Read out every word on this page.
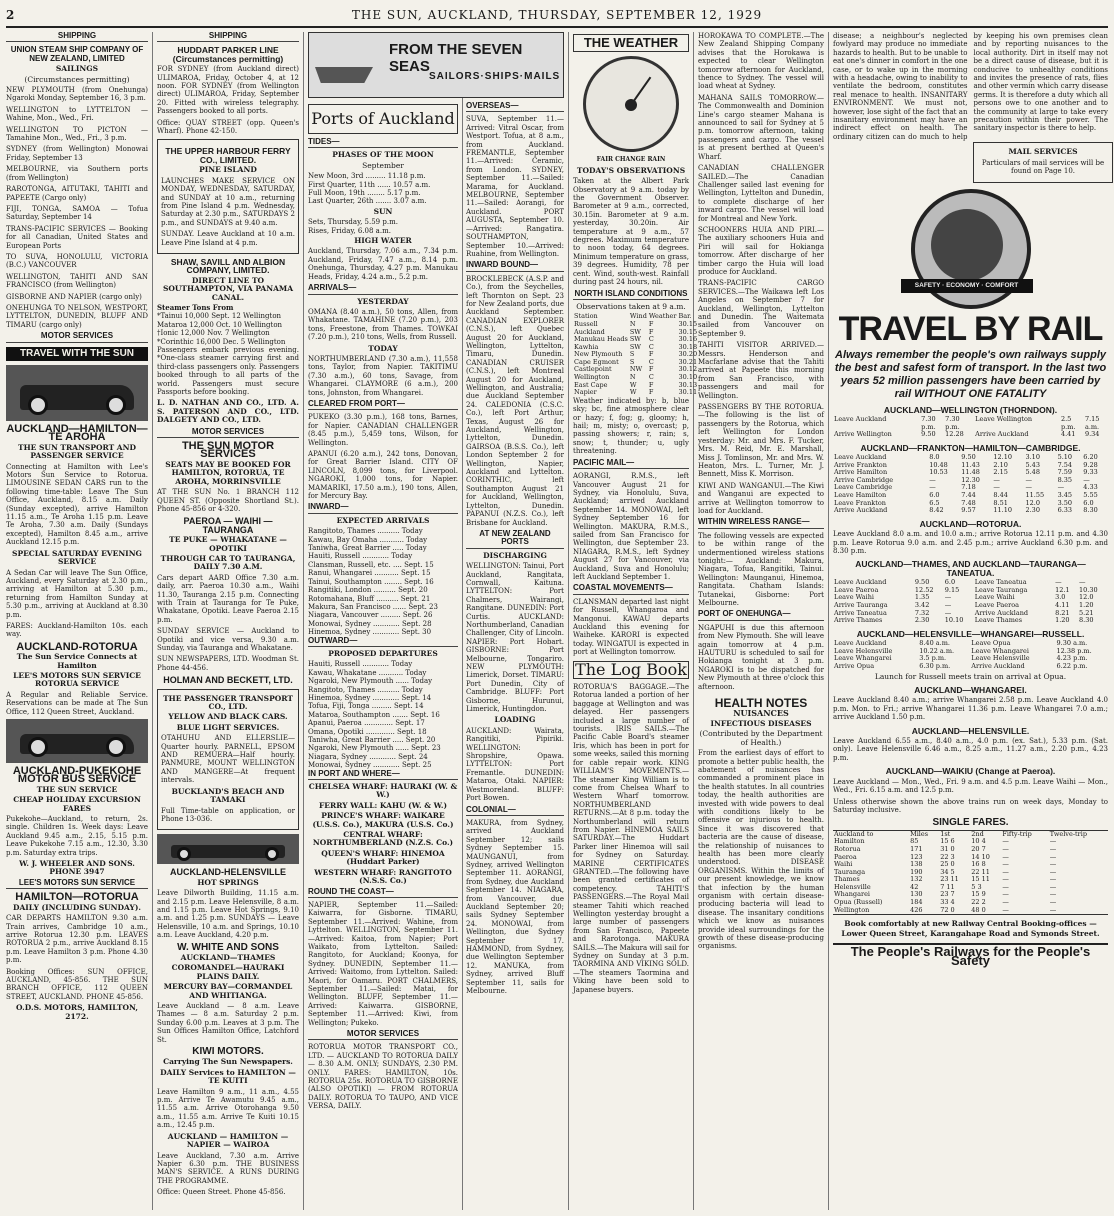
2	THE SUN, AUCKLAND, THURSDAY, SEPTEMBER 12, 1929
SHIPPING
UNION STEAM SHIP COMPANY OF NEW ZEALAND, LIMITED
SAILINGS
(Circumstances permitting)

NEW PLYMOUTH (from Onehunga) Ngaroki Monday, September 16, 3 p.m.

WELLINGTON to LYTTELTON — Wahine, Mon., Wed., Fri.

WELLINGTON TO PICTON — Tamahine Mon., Wed., Fri., 3 p.m.

SYDNEY (from Wellington) Monowai Friday, September 13

MELBOURNE, via Southern ports (from Wellington)

RAROTONGA, AITUTAKI, TAHITI and PAPEETE (Cargo only)

FIJI, TONGA, SAMOA — Tofua Saturday, September 14

TRANS-PACIFIC SERVICES — Booking for all Canadian, United States and European Ports

TO SUVA, HONOLULU, VICTORIA (B.C.) VANCOUVER

WELLINGTON, TAHITI AND SAN FRANCISCO (from Wellington)

GISBORNE AND NAPIER (cargo only)

ONEHUNGA TO NELSON, WESTPORT, LYTTELTON, DUNEDIN, BLUFF AND TIMARU (cargo only)

MOTOR SERVICES
TRAVEL WITH THE SUN
AUCKLAND—HAMILTON—TE AROHA
THE SUN TRANSPORT AND PASSENGER SERVICE

Connecting at Hamilton with Lee's Motors Sun Service to Rotorua. LIMOUSINE SEDAN CARS run to the following time-table: Leave The Sun Office, Auckland, 8.15 a.m. Daily (Sunday excepted), arrive Hamilton 11.15 a.m., Te Aroha 1.15 p.m. Leave Te Aroha, 7.30 a.m. Daily (Sundays excepted), Hamilton 8.45 a.m., arrive Auckland 12.15 p.m.

SPECIAL SATURDAY EVENING SERVICE

A Sedan Car will leave The Sun Office, Auckland, every Saturday at 2.30 p.m., arriving at Hamilton at 5.30 p.m., returning from Hamilton Sunday at 5.30 p.m., arriving at Auckland at 8.30 p.m.

FARES: Auckland-Hamilton 10s. each way.

AUCKLAND-ROTORUA
The Sun Service Connects at Hamilton
LEE'S MOTORS SUN SERVICE ROTORUA SERVICE

A Regular and Reliable Service. Reservations can be made at The Sun Office, 112 Queen Street, Auckland.

AUCKLAND-PUKEKOHE MOTOR BUS SERVICE
THE SUN SERVICE
CHEAP HOLIDAY EXCURSION FARES

Pukekohe—Auckland, to return, 2s. single. Children 1s. Week days: Leave Auckland 9.45 a.m., 2.15, 5.15 p.m. Leave Pukekohe 7.15 a.m., 12.30, 3.30 p.m. Saturday extra trips.

W. J. WHEELER AND SONS. PHONE 3947
LEE'S MOTORS SUN SERVICE
HAMILTON—ROTORUA
DAILY (INCLUDING SUNDAY).

CAR DEPARTS HAMILTON 9.30 a.m. Train arrives, Cambridge 10 a.m., arrive Rotorua 12.30 p.m. LEAVES ROTORUA 2 p.m., arrive Auckland 8.15 p.m. Leave Hamilton 3 p.m. Phone 4.30 p.m.

Booking Offices: SUN OFFICE, AUCKLAND, 45-856. THE SUN BRANCH OFFICE, 112 QUEEN STREET, AUCKLAND. PHONE 45-856.

O.D.S. MOTORS, HAMILTON, 2172.
SHIPPING
HUDDART PARKER LINE (Circumstances permitting)

FOR SYDNEY (from Auckland direct) ULIMAROA, Friday, October 4, at 12 noon. FOR SYDNEY (from Wellington direct) ULIMAROA, Friday, September 20. Fitted with wireless telegraphy. Passengers booked to all ports.

Office: QUAY STREET (opp. Queen's Wharf). Phone 42-150.

THE UPPER HARBOUR FERRY CO., LIMITED.
PINE ISLAND

LAUNCHES MAKE SERVICE ON MONDAY, WEDNESDAY, SATURDAY, and SUNDAY at 10 a.m., returning from Pine Island 4 p.m. Wednesday, Saturday at 2.30 p.m., SATURDAYS 2 p.m., and SUNDAYS at 9.40 a.m.

SUNDAY. Leave Auckland at 10 a.m. Leave Pine Island at 4 p.m.

SHAW, SAVILL AND ALBION COMPANY, LIMITED.
DIRECT LINE TO SOUTHAMPTON, VIA PANAMA CANAL.
Steamer Tons From
*Tainui 10,000 Sept. 12 Wellington
Mataroa 12,000 Oct. 10 Wellington
†Ionic 12,000 Nov. 7 Wellington
*Corinthic 16,000 Dec. 5 Wellington

Passengers embark previous evening. *One-class steamer carrying first and third-class passengers only. Passengers booked through to all parts of the world. Passengers must secure Passports before booking.

L. D. NATHAN AND CO., LTD. A. S. PATERSON AND CO., LTD. DALGETY AND CO., LTD.

MOTOR SERVICES
THE SUN MOTOR SERVICES
SEATS MAY BE BOOKED FOR HAMILTON, ROTORUA, TE AROHA, MORRINSVILLE

AT THE SUN No. 1 BRANCH 112 QUEEN ST. (Opposite Shortland St.). Phone 45-856 or 4-320.

PAEROA — WAIHI — TAURANGA
TE PUKE — WHAKATANE — OPOTIKI
THROUGH CAR TO TAURANGA, DAILY 7.30 A.M.

Cars depart AARD Office 7.30 a.m. daily, arr. Paeroa 10.30 a.m., Waihi 11.30, Tauranga 2.15 p.m. Connecting with Train at Tauranga for Te Puke, Whakatane, Opotiki. Leave Paeroa 2.15 p.m.

SUNDAY SERVICE — Auckland to Opotiki and vice versa, 9.30 a.m. Sunday, via Tauranga and Whakatane.

SUN NEWSPAPERS, LTD. Woodman St. Phone 44-456.

HOLMAN AND BECKETT, LTD.
THE PASSENGER TRANSPORT CO., LTD.
YELLOW AND BLACK CARS.
BLUE LIGHT SERVICES.

OTAHUHU AND ELLERSLIE—Quarter hourly. PARNELL, EPSOM AND REMUERA—Half hourly. PANMURE, MOUNT WELLINGTON AND MANGERE—At frequent intervals.

BUCKLAND'S BEACH AND TAMAKI

Full Time-table on application, or Phone 13-036.

AUCKLAND-HELENSVILLE
HOT SPRINGS

Leave Dilworth Building, 11.15 a.m. and 2.15 p.m. Leave Helensville, 8 a.m. and 1.15 p.m. Leave Hot Springs, 9.10 a.m. and 1.25 p.m. SUNDAYS — Leave Helensville, 10 a.m. and Springs, 10.10 a.m. Leave Auckland, 4.20 p.m.

W. WHITE AND SONS
AUCKLAND—THAMES
COROMANDEL—HAURAKI PLAINS DAILY.
MERCURY BAY—CORMANDEL AND WHITIANGA.

Leave Auckland — 8 a.m. Leave Thames — 8 a.m. Saturday 2 p.m. Sunday 6.00 p.m. Leaves at 3 p.m. The Sun Offices Hamilton Office, Latchford St.

KIWI MOTORS.
Carrying The Sun Newspapers.
DAILY Services to HAMILTON — TE KUITI

Leave Hamilton 9 a.m., 11 a.m., 4.55 p.m. Arrive Te Awamutu 9.45 a.m., 11.55 a.m. Arrive Otorohanga 9.50 a.m., 11.55 a.m. Arrive Te Kuiti 10.15 a.m., 12.45 p.m.

AUCKLAND — HAMILTON — NAPIER — WAIROA

Leave Auckland, 7.30 a.m. Arrive Napier 6.30 p.m. THE BUSINESS MAN'S SERVICE. A RUNS DURING THE PROGRAMME.

Office: Queen Street. Phone 45-856.

FROM THE SEVEN SEAS
SAILORS·SHIPS·MAILS
Ports of Auckland
TIDES—
PHASES OF THE MOON
September
New Moon, 3rd ......... 11.18 p.m.
First Quarter, 11th ...... 10.57 a.m.
Full Moon, 19th ........ 5.17 p.m.
Last Quarter, 26th ....... 3.07 a.m.
SUN
Sets, Thursday, 5.59 p.m.
Rises, Friday, 6.08 a.m.
HIGH WATER

Auckland, Thursday, 7.06 a.m., 7.34 p.m. Auckland, Friday, 7.47 a.m., 8.14 p.m. Onehunga, Thursday, 4.27 p.m. Manukau Heads, Friday, 4.24 a.m., 5.2 p.m.

ARRIVALS—
YESTERDAY

OMANA (8.40 a.m.), 50 tons, Allen, from Whakatane. TAMAHINE (7.20 p.m.), 203 tons, Freestone, from Thames. TOWKAI (7.20 p.m.), 210 tons, Wells, from Russell.

TODAY

NORTHUMBERLAND (7.30 a.m.), 11,558 tons, Taylor, from Napier. TAKITIMU (7.30 a.m.), 60 tons, Savage, from Whangarei. CLAYMORE (6 a.m.), 200 tons, Johnston, from Whangarei.

CLEARED FROM PORT—

PUKEKO (3.30 p.m.), 168 tons, Barnes, for Napier. CANADIAN CHALLENGER (8.45 p.m.), 5,459 tons, Wilson, for Wellington.

APANUI (6.20 a.m.), 242 tons, Donovan, for Great Barrier Island. CITY OF LINCOLN, 8,099 tons, for Liverpool. NGAROKI, 1,000 tons, for Napier. MAMARIKI, 17.50 a.m.), 190 tons, Allen, for Mercury Bay.

INWARD—
EXPECTED ARRIVALS
Rangitoto, Thames .......... Today
Kawau, Bay Omaha ........... Today
Taniwha, Great Barrier ..... Today
Hauiti, Russell ............ Today
Clansman, Russell, etc. .... Sept. 15
Ranui, Whangarei ........... Sept. 15
Tainui, Southampton ........ Sept. 16
Rangitiki, London .......... Sept. 20
Rotomahana, Bluff .......... Sept. 21
Makura, San Francisco ...... Sept. 23
Niagara, Vancouver ......... Sept. 26
Monowai, Sydney ............ Sept. 28
Hinemoa, Sydney ............ Sept. 30
OUTWARD—
PROPOSED DEPARTURES
Hauiti, Russell ............ Today
Kawau, Whakatane ........... Today
Ngaroki, New Plymouth ...... Today
Rangitoto, Thames .......... Today
Hinemoa, Sydney ............ Sept. 14
Tofua, Fiji, Tonga ......... Sept. 14
Mataroa, Southampton ....... Sept. 16
Apanui, Paeroa ............. Sept. 17
Omana, Opotiki ............. Sept. 18
Taniwha, Great Barrier ..... Sept. 20
Ngaroki, New Plymouth ...... Sept. 23
Niagara, Sydney ............ Sept. 24
Monowai, Sydney ............ Sept. 25
IN PORT AND WHERE—
CHELSEA WHARF: HAURAKI (W. & W.)
FERRY WALL: KAHU (W. & W.)
PRINCE'S WHARF: WAIKARE (U.S.S. Co.), MAKURA (U.S.S. Co.)
CENTRAL WHARF: NORTHUMBERLAND (N.Z.S. Co.)
QUEEN'S WHARF: HINEMOA (Huddart Parker)
WESTERN WHARF: RANGITOTO (N.S.S. Co.)
ROUND THE COAST—

NAPIER, September 11.—Sailed: Kaiwarra, for Gisborne. TIMARU, September 11.—Arrived: Wahine, from Lyttelton. WELLINGTON, September 11.—Arrived: Kaitoa, from Napier; Port Waikato, from Lyttelton. Sailed: Rangitoto, for Auckland; Koonya, for Sydney. DUNEDIN, September 11.—Arrived: Waitomo, from Lyttelton. Sailed: Maori, for Oamaru. PORT CHALMERS, September 11.—Sailed: Matai, for Wellington. BLUFF, September 11.—Arrived: Kaiwarra. GISBORNE, September 11.—Arrived: Kiwi, from Wellington; Pukeko.

MOTOR SERVICES

ROTORUA MOTOR TRANSPORT CO., LTD. — AUCKLAND TO ROTORUA DAILY — 8.30 A.M. ONLY; SUNDAYS, 2.30 P.M. ONLY. FARES: HAMILTON, 10s. ROTORUA 25s. ROTORUA TO GISBORNE (ALSO OPOTIKI) — FROM ROTORUA DAILY. ROTORUA TO TAUPO, AND VICE VERSA, DAILY.

OVERSEAS—

SUVA, September 11.—Arrived: Vitral Oscar, from Westport. Tofua, at 8 a.m., from Auckland. FREMANTLE, September 11.—Arrived: Ceramic, from London. SYDNEY, September 11.—Sailed: Marama, for Auckland. MELBOURNE, September 11.—Sailed: Aorangi, for Auckland. PORT AUGUSTA, September 10.—Arrived: Rangatira. SOUTHAMPTON, September 10.—Arrived: Ruahine, from Wellington.

INWARD BOUND—

BROCKLEBECK (A.S.P. and Co.), from the Seychelles, left Thornton on Sept. 23 for New Zealand ports, due Auckland September. CANADIAN EXPLORER (C.N.S.), left Quebec August 20 for Auckland, Wellington, Lyttelton, Timaru, Dunedin. CANADIAN CRUISER (C.N.S.), left Montreal August 20 for Auckland, Wellington, and Australia; due Auckland September 24. CALEDONIA (C.S.C. Co.), left Port Arthur, Texas, August 26 for Auckland, Wellington, Lyttelton, Dunedin. GAIRSOA (B.S.S. Co.), left London September 2 for Wellington, Napier, Auckland and Lyttelton. CORINTHIC, left Southampton August 21 for Auckland, Wellington, Lyttelton, Dunedin. PAPANUI (N.Z.S. Co.), left Brisbane for Auckland.

AT NEW ZEALAND PORTS
DISCHARGING

WELLINGTON: Tainui, Port Auckland, Rangitata, Cornwall, Kaituna. LYTTELTON: Port Chalmers, Wairangi, Rangitane. DUNEDIN: Port Curtis. AUCKLAND: Northumberland, Canadian Challenger, City of Lincoln. NAPIER: Port Hobart. GISBORNE: Port Melbourne, Tongariro. NEW PLYMOUTH: Limerick, Dorset. TIMARU: Port Dunedin, City of Cambridge. BLUFF: Port Gisborne, Hurunui, Limerick, Huntingdon.

LOADING

AUCKLAND: Wairata, Rangitiki, Pipiriki. WELLINGTON: Shropshire, Opawa. LYTTELTON: Port Fremantle. DUNEDIN: Mataroa, Otaki. NAPIER: Westmoreland. BLUFF: Port Bowen.

COLONIAL—

MAKURA, from Sydney, arrived Auckland September 12; sails Sydney September 15. MAUNGANUI, from Sydney, arrived Wellington September 11. AORANGI, from Sydney, due Auckland September 14. NIAGARA, from Vancouver, due Auckland September 20; sails Sydney September 24. MONOWAI, from Wellington, due Sydney September 17. HAMMOND, from Sydney, due Wellington September 12. MANUKA, from Sydney, arrived Bluff September 11, sails for Melbourne.

THE WEATHER
FAIR CHANGE RAIN
TODAY'S OBSERVATIONS

Taken at the Albert Park Observatory at 9 a.m. today by the Government Observer. Barometer at 9 a.m., corrected, 30.15in. Barometer at 9 a.m. yesterday, 30.20in. Air temperature at 9 a.m., 57 degrees. Maximum temperature to noon today, 64 degrees. Minimum temperature on grass, 39 degrees. Humidity, 78 per cent. Wind, south-west. Rainfall during past 24 hours, nil.

NORTH ISLAND CONDITIONS
Observations taken at 9 a.m.
Station	Wind	Weather	Bar.
Russell	N	F	30.15
Auckland	SW	F	30.15
Manukau Heads	SW	C	30.16
Kawhia	SW	C	30.18
New Plymouth	S	F	30.20
Cape Egmont	S	C	30.21
Castlepoint	NW	F	30.12
Wellington	N	C	30.10
East Cape	W	F	30.13
Napier	W	F	30.11

Weather indicated by: b, blue sky; bc, fine atmosphere clear or hazy; f, fog; g, gloomy; h, hail; m, misty; o, overcast; p, passing showers; r, rain; s, snow; t, thunder; u, ugly threatening.

PACIFIC MAIL—

AORANGI, R.M.S., left Vancouver August 21 for Sydney, via Honolulu, Suva, Auckland; arrived Auckland September 14. MONOWAI, left Sydney September 16 for Wellington. MAKURA, R.M.S., sailed from San Francisco for Wellington, due September 23. NIAGARA, R.M.S., left Sydney August 27 for Vancouver, via Auckland, Suva and Honolulu; left Auckland September 1.

COASTAL MOVEMENTS—

CLANSMAN departed last night for Russell, Whangaroa and Mangonui. KAWAU departs Auckland this evening for Waiheke. KARORI is expected today. WINGATUI is expected in port at Wellington tomorrow.

The Log Book

ROTORUA'S BAGGAGE.—The Rotorua landed a portion of her baggage at Wellington and was delayed. Her passengers included a large number of tourists. IRIS SAILS.—The Pacific Cable Board's steamer Iris, which has been in port for some weeks, sailed this morning for cable repair work. KING WILLIAM'S MOVEMENTS.—The steamer King William is to come from Chelsea Wharf to Western Wharf tomorrow. NORTHUMBERLAND RETURNS.—At 8 p.m. today the Northumberland will return from Napier. HINEMOA SAILS SATURDAY.—The Huddart Parker liner Hinemoa will sail for Sydney on Saturday. MARINE CERTIFICATES GRANTED.—The following have been granted certificates of competency. TAHITI'S PASSENGERS.—The Royal Mail steamer Tahiti which reached Wellington yesterday brought a large number of passengers from San Francisco, Papeete and Rarotonga. MAKURA SAILS.—The Makura will sail for Sydney on Sunday at 3 p.m. TAORMINA AND VIKING SOLD.—The steamers Taormina and Viking have been sold to Japanese buyers.

HOROKAWA TO COMPLETE.—The New Zealand Shipping Company advises that the Horokawa is expected to clear Wellington tomorrow afternoon for Auckland, thence to Sydney. The vessel will load wheat at Sydney.

MAHANA SAILS TOMORROW.—The Commonwealth and Dominion Line's cargo steamer Mahana is announced to sail for Sydney at 5 p.m. tomorrow afternoon, taking passengers and cargo. The vessel is at present berthed at Queen's Wharf.

CANADIAN CHALLENGER SAILED.—The Canadian Challenger sailed last evening for Wellington, Lyttelton and Dunedin, to complete discharge of her inward cargo. The vessel will load for Montreal and New York.

SCHOONERS HUIA AND PIRI.—The auxiliary schooners Huia and Piri will sail for Hokianga tomorrow. After discharge of her timber cargo the Huia will load produce for Auckland.

TRANS-PACIFIC CARGO SERVICES.—The Waikawa left Los Angeles on September 7 for Auckland, Wellington, Lyttelton and Dunedin. The Waitemata sailed from Vancouver on September 9.

TAHITI VISITOR ARRIVED.—Messrs. Henderson and Macfarlane advise that the Tahiti arrived at Papeete this morning from San Francisco, with passengers and mail for Wellington.

PASSENGERS BY THE ROTORUA.—The following is the list of passengers by the Rotorua, which left Wellington for London yesterday: Mr. and Mrs. F. Tucker, Mrs. M. Reid, Mr. E. Marshall, Miss J. Tomlinson, Mr. and Mrs. W. Heaton, Mrs. L. Turner, Mr. J. Bennett, Miss K. Morrison.

KIWI AND WANGANUI.—The Kiwi and Wanganui are expected to arrive at Wellington tomorrow to load for Auckland.

WITHIN WIRELESS RANGE—

The following vessels are expected to be within range of the undermentioned wireless stations tonight:— Auckland: Makura, Niagara, Tofua, Rangitiki, Tainui. Wellington: Maunganui, Hinemoa, Rangitata. Chatham Islands: Tutanekai, Gisborne: Port Melbourne.

PORT OF ONEHUNGA—

NGAPUHI is due this afternoon from New Plymouth. She will leave again tomorrow at 4 p.m. HAUTURU is scheduled to sail for Hokianga tonight at 3 p.m. NGAROKI is to be dispatched for New Plymouth at three o'clock this afternoon.

HEALTH NOTES
NUISANCES
INFECTIOUS DISEASES
(Contributed by the Department of Health.)

From the earliest days of effort to promote a better public health, the abatement of nuisances has commanded a prominent place in the health statutes. In all countries today, the health authorities are invested with wide powers to deal with conditions likely to be offensive or injurious to health. Since it was discovered that bacteria are the cause of disease, the relationship of nuisances to health has been more clearly understood. DISEASE ORGANISMS. Within the limits of our present knowledge, we know that infection by the human organism with certain disease-producing bacteria will lead to disease. The insanitary conditions which we know as nuisances provide ideal surroundings for the growth of these disease-producing organisms.

disease; a neighbour's neglected fowlyard may produce no immediate hazards to health. But to be unable to eat one's dinner in comfort in the one case, or to wake up in the morning with a headache, owing to inability to ventilate the bedroom, constitutes real menace to health. INSANITARY ENVIRONMENT. We must not, however, lose sight of the fact that an insanitary environment may have an indirect effect on health. The ordinary citizen can do much to help by keeping his own premises clean and by reporting nuisances to the local authority. Dirt in itself may not be a direct cause of disease, but it is conducive to unhealthy conditions and invites the presence of rats, flies and other vermin which carry disease germs. It is therefore a duty which all persons owe to one another and to the community at large to take every precaution within their power. The sanitary inspector is there to help.

MAIL SERVICES

Particulars of mail services will be found on Page 10.

SAFETY · ECONOMY · COMFORT
TRAVEL BY RAIL
Always remember the people's own railways supply the best and safest form of transport. In the last two years 52 million passengers have been carried by rail WITHOUT ONE FATALITY
AUCKLAND—WELLINGTON (THORNDON).
Leave Auckland	7.30	7.30	Leave Wellington	2.5	7.15
	p.m.	p.m.		p.m.	a.m.
Arrive Wellington	9.50	12.28	Arrive Auckland	4.41	9.34
AUCKLAND—FRANKTON—HAMILTON—CAMBRIDGE.
Leave Auckland	8.0	9.50	12.10	3.10	5.10	6.20
Arrive Frankton	10.48	11.43	2.10	5.43	7.54	9.28
Arrive Hamilton	10.53	11.48	2.15	5.48	7.59	9.33
Arrive Cambridge	—	12.30	—	—	8.35	—
Leave Cambridge	—	7.18	—	—	—	4.33
Leave Hamilton	6.0	7.44	8.44	11.55	3.45	5.55
Leave Frankton	6.5	7.48	8.51	12.0	3.50	6.0
Arrive Auckland	8.42	9.57	11.10	2.30	6.33	8.30
AUCKLAND—ROTORUA.

Leave Auckland 8.0 a.m. and 10.0 a.m.; arrive Rotorua 12.11 p.m. and 4.30 p.m. Leave Rotorua 9.0 a.m. and 2.45 p.m.; arrive Auckland 6.30 p.m. and 8.30 p.m.

AUCKLAND—THAMES, AND AUCKLAND—TAURANGA—TANEATUA.
Leave Auckland	9.50	6.0	Leave Taneatua	—	—
Leave Paeroa	12.52	9.15	Leave Tauranga	12.1	10.30
Leave Waihi	1.35	—	Leave Waihi	3.0	12.0
Arrive Tauranga	3.42	—	Leave Paeroa	4.11	1.20
Arrive Taneatua	7.32	—	Arrive Auckland	8.21	5.21
Arrive Thames	2.30	10.10	Leave Thames	1.20	8.30
AUCKLAND—HELENSVILLE—WHANGAREI—RUSSELL.
Leave Auckland	8.40 a.m.	Leave Opua	9.30 a.m.
Leave Helensville	10.22 a.m.	Leave Whangarei	12.38 p.m.
Leave Whangarei	3.5 p.m.	Leave Helensville	4.23 p.m.
Arrive Opua	6.30 p.m.	Arrive Auckland	6.22 p.m.
Launch for Russell meets train on arrival at Opua.
AUCKLAND—WHANGAREI.

Leave Auckland 8.40 a.m.; arrive Whangarei 2.58 p.m. Leave Auckland 4.0 p.m. Mon. to Fri.; arrive Whangarei 11.36 p.m. Leave Whangarei 7.0 a.m.; arrive Auckland 1.50 p.m.

AUCKLAND—HELENSVILLE.

Leave Auckland 6.55 a.m., 8.40 a.m., 4.0 p.m. (ex. Sat.), 5.33 p.m. (Sat. only). Leave Helensville 6.46 a.m., 8.25 a.m., 11.27 a.m., 2.20 p.m., 4.23 p.m.

AUCKLAND—WAIKIU (Change at Paeroa).

Leave Auckland — Mon., Wed., Fri. 9 a.m. and 4.5 p.m. Leave Waihi — Mon., Wed., Fri. 6.15 a.m. and 12.5 p.m.

Unless otherwise shown the above trains run on week days, Monday to Saturday inclusive.

SINGLE FARES.
Auckland to	Miles	1st	2nd	Fifty-trip	Twelve-trip
Hamilton	85	15 6	10 4	—	—
Rotorua	171	31 0	20 7	—	—
Paeroa	123	22 3	14 10	—	—
Waihi	138	25 0	16 8	—	—
Tauranga	190	34 5	22 11	—	—
Thames	132	23 11	15 11	—	—
Helensville	42	7 11	5 3	—	—
Whangarei	130	23 7	15 9	—	—
Opua (Russell)	184	33 4	22 2	—	—
Wellington	426	72 0	48 0	—	—
Book comfortably at new Railway Central Booking-offices — Lower Queen Street, Karangahape Road and Symonds Street.
The People's Railways for the People's Safety
